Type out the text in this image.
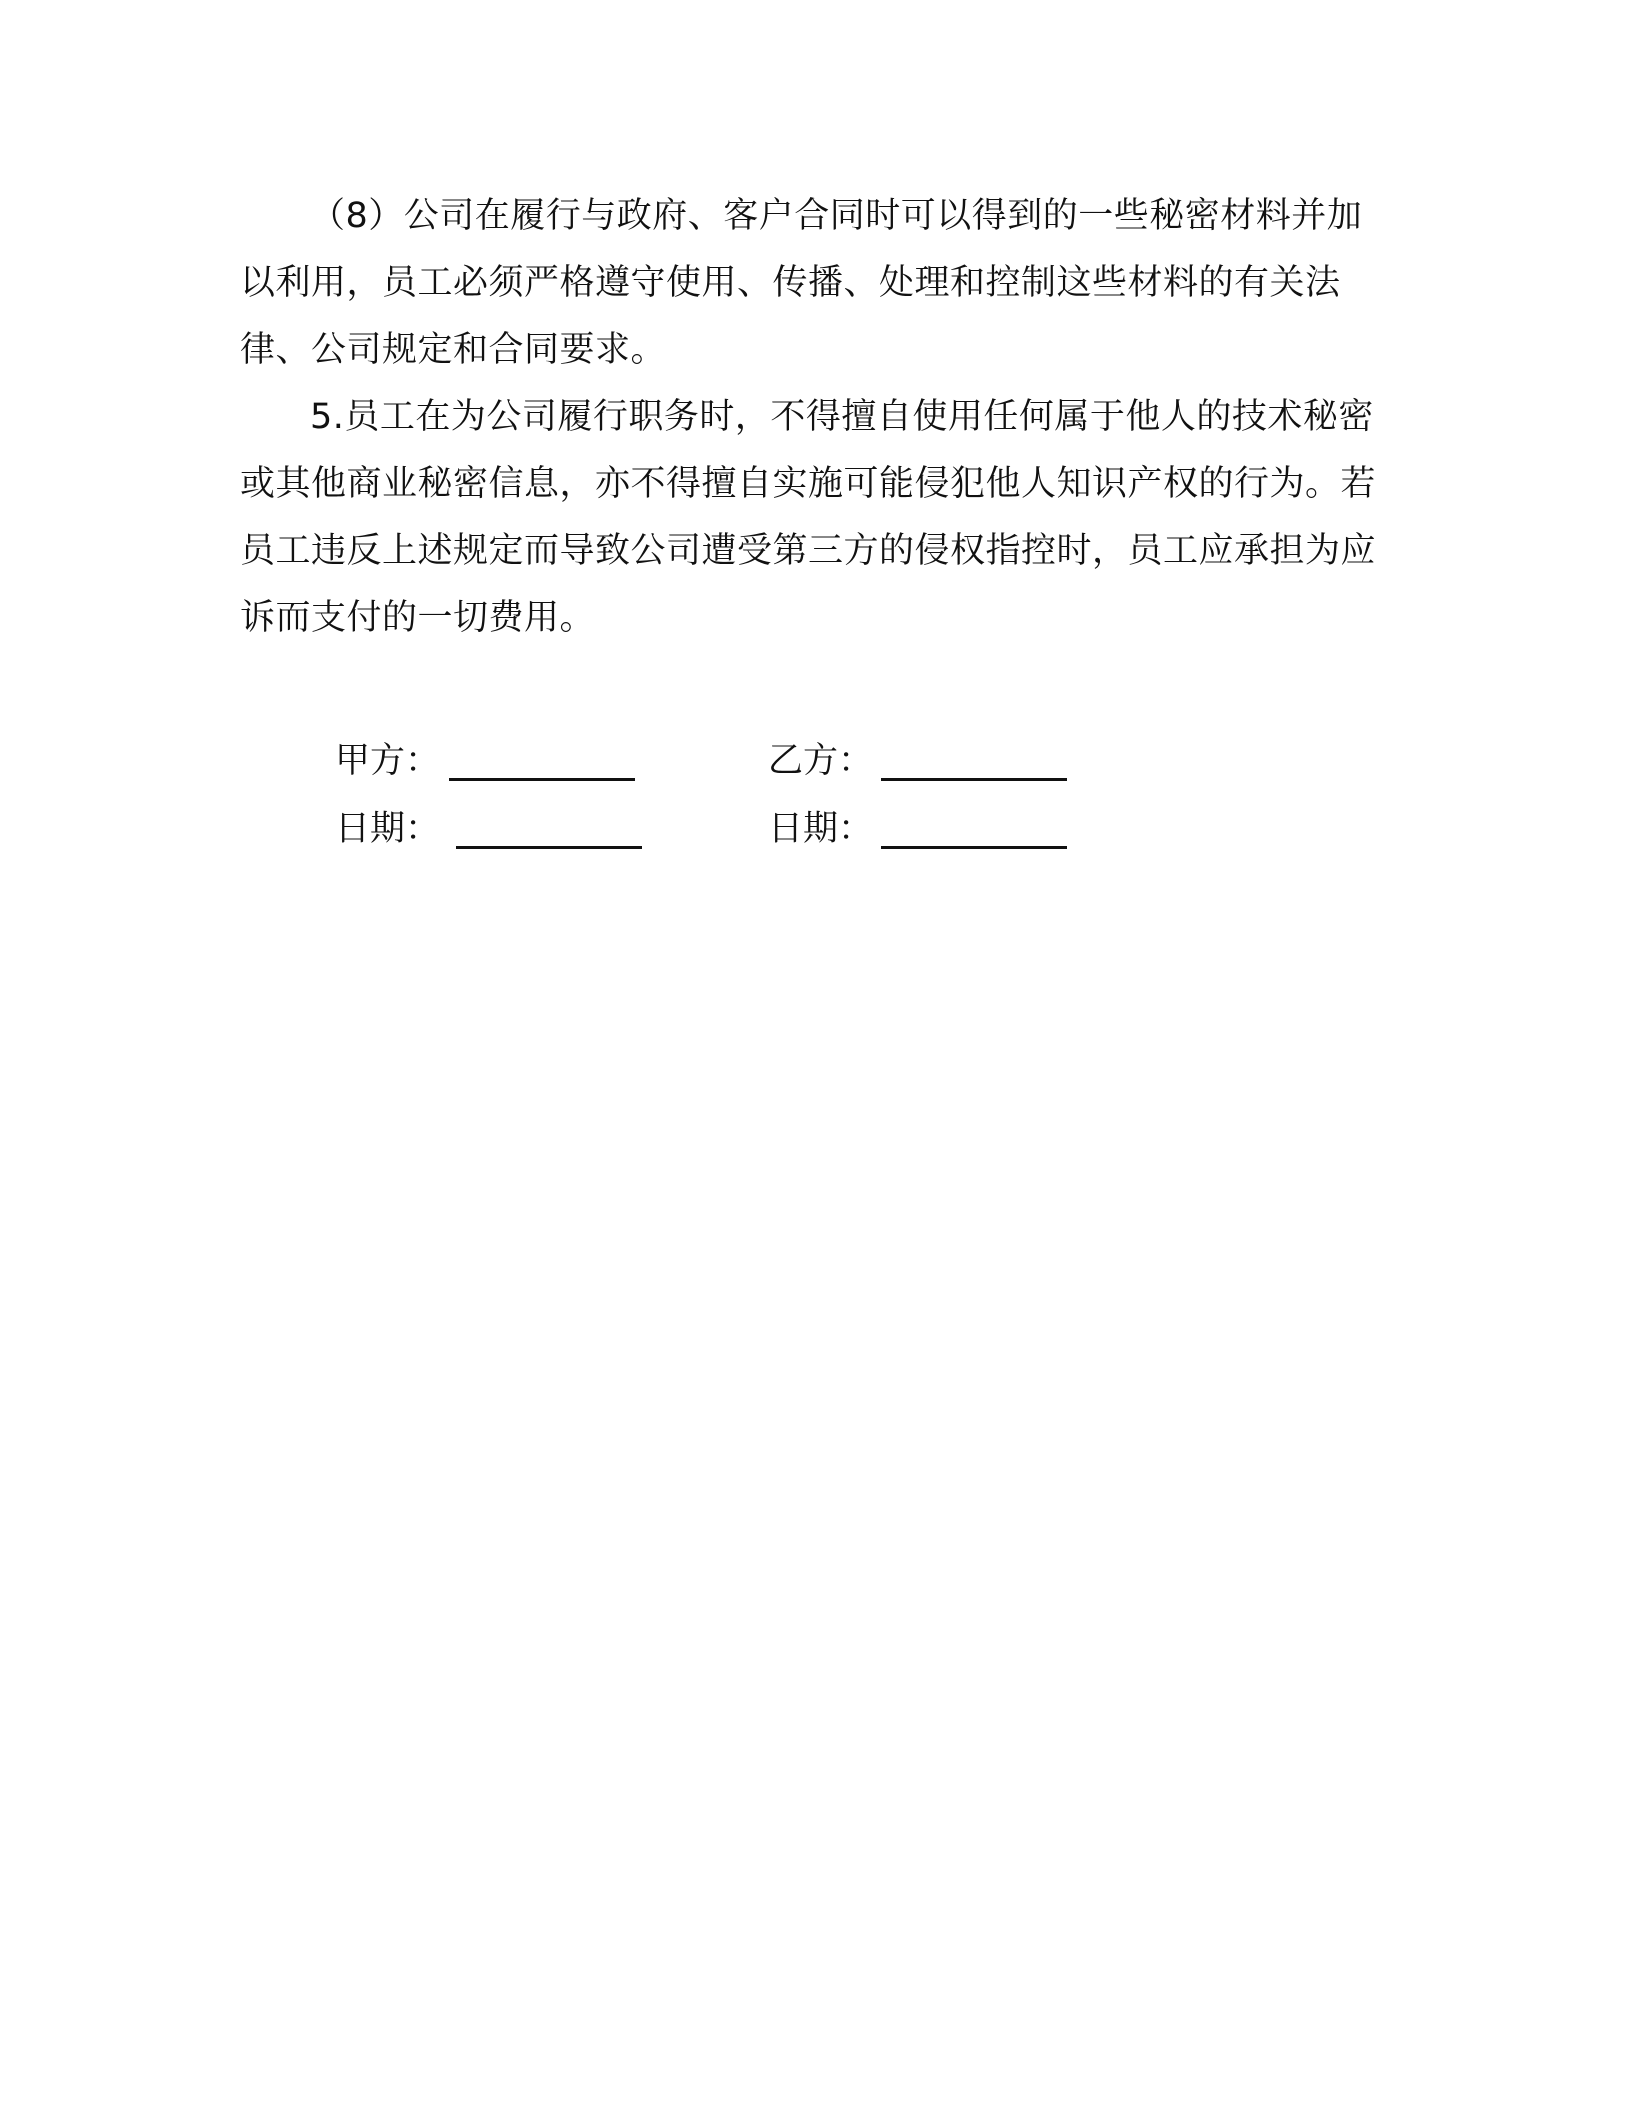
（8）公司在履行与政府、客户合同时可以得到的一些秘密材料并加以利用，员工必须严格遵守使用、传播、处理和控制这些材料的有关法律、公司规定和合同要求。

5.员工在为公司履行职务时，不得擅自使用任何属于他人的技术秘密或其他商业秘密信息，亦不得擅自实施可能侵犯他人知识产权的行为。若员工违反上述规定而导致公司遭受第三方的侵权指控时，员工应承担为应诉而支付的一切费用。

甲方：	乙方：
日期：	日期：
